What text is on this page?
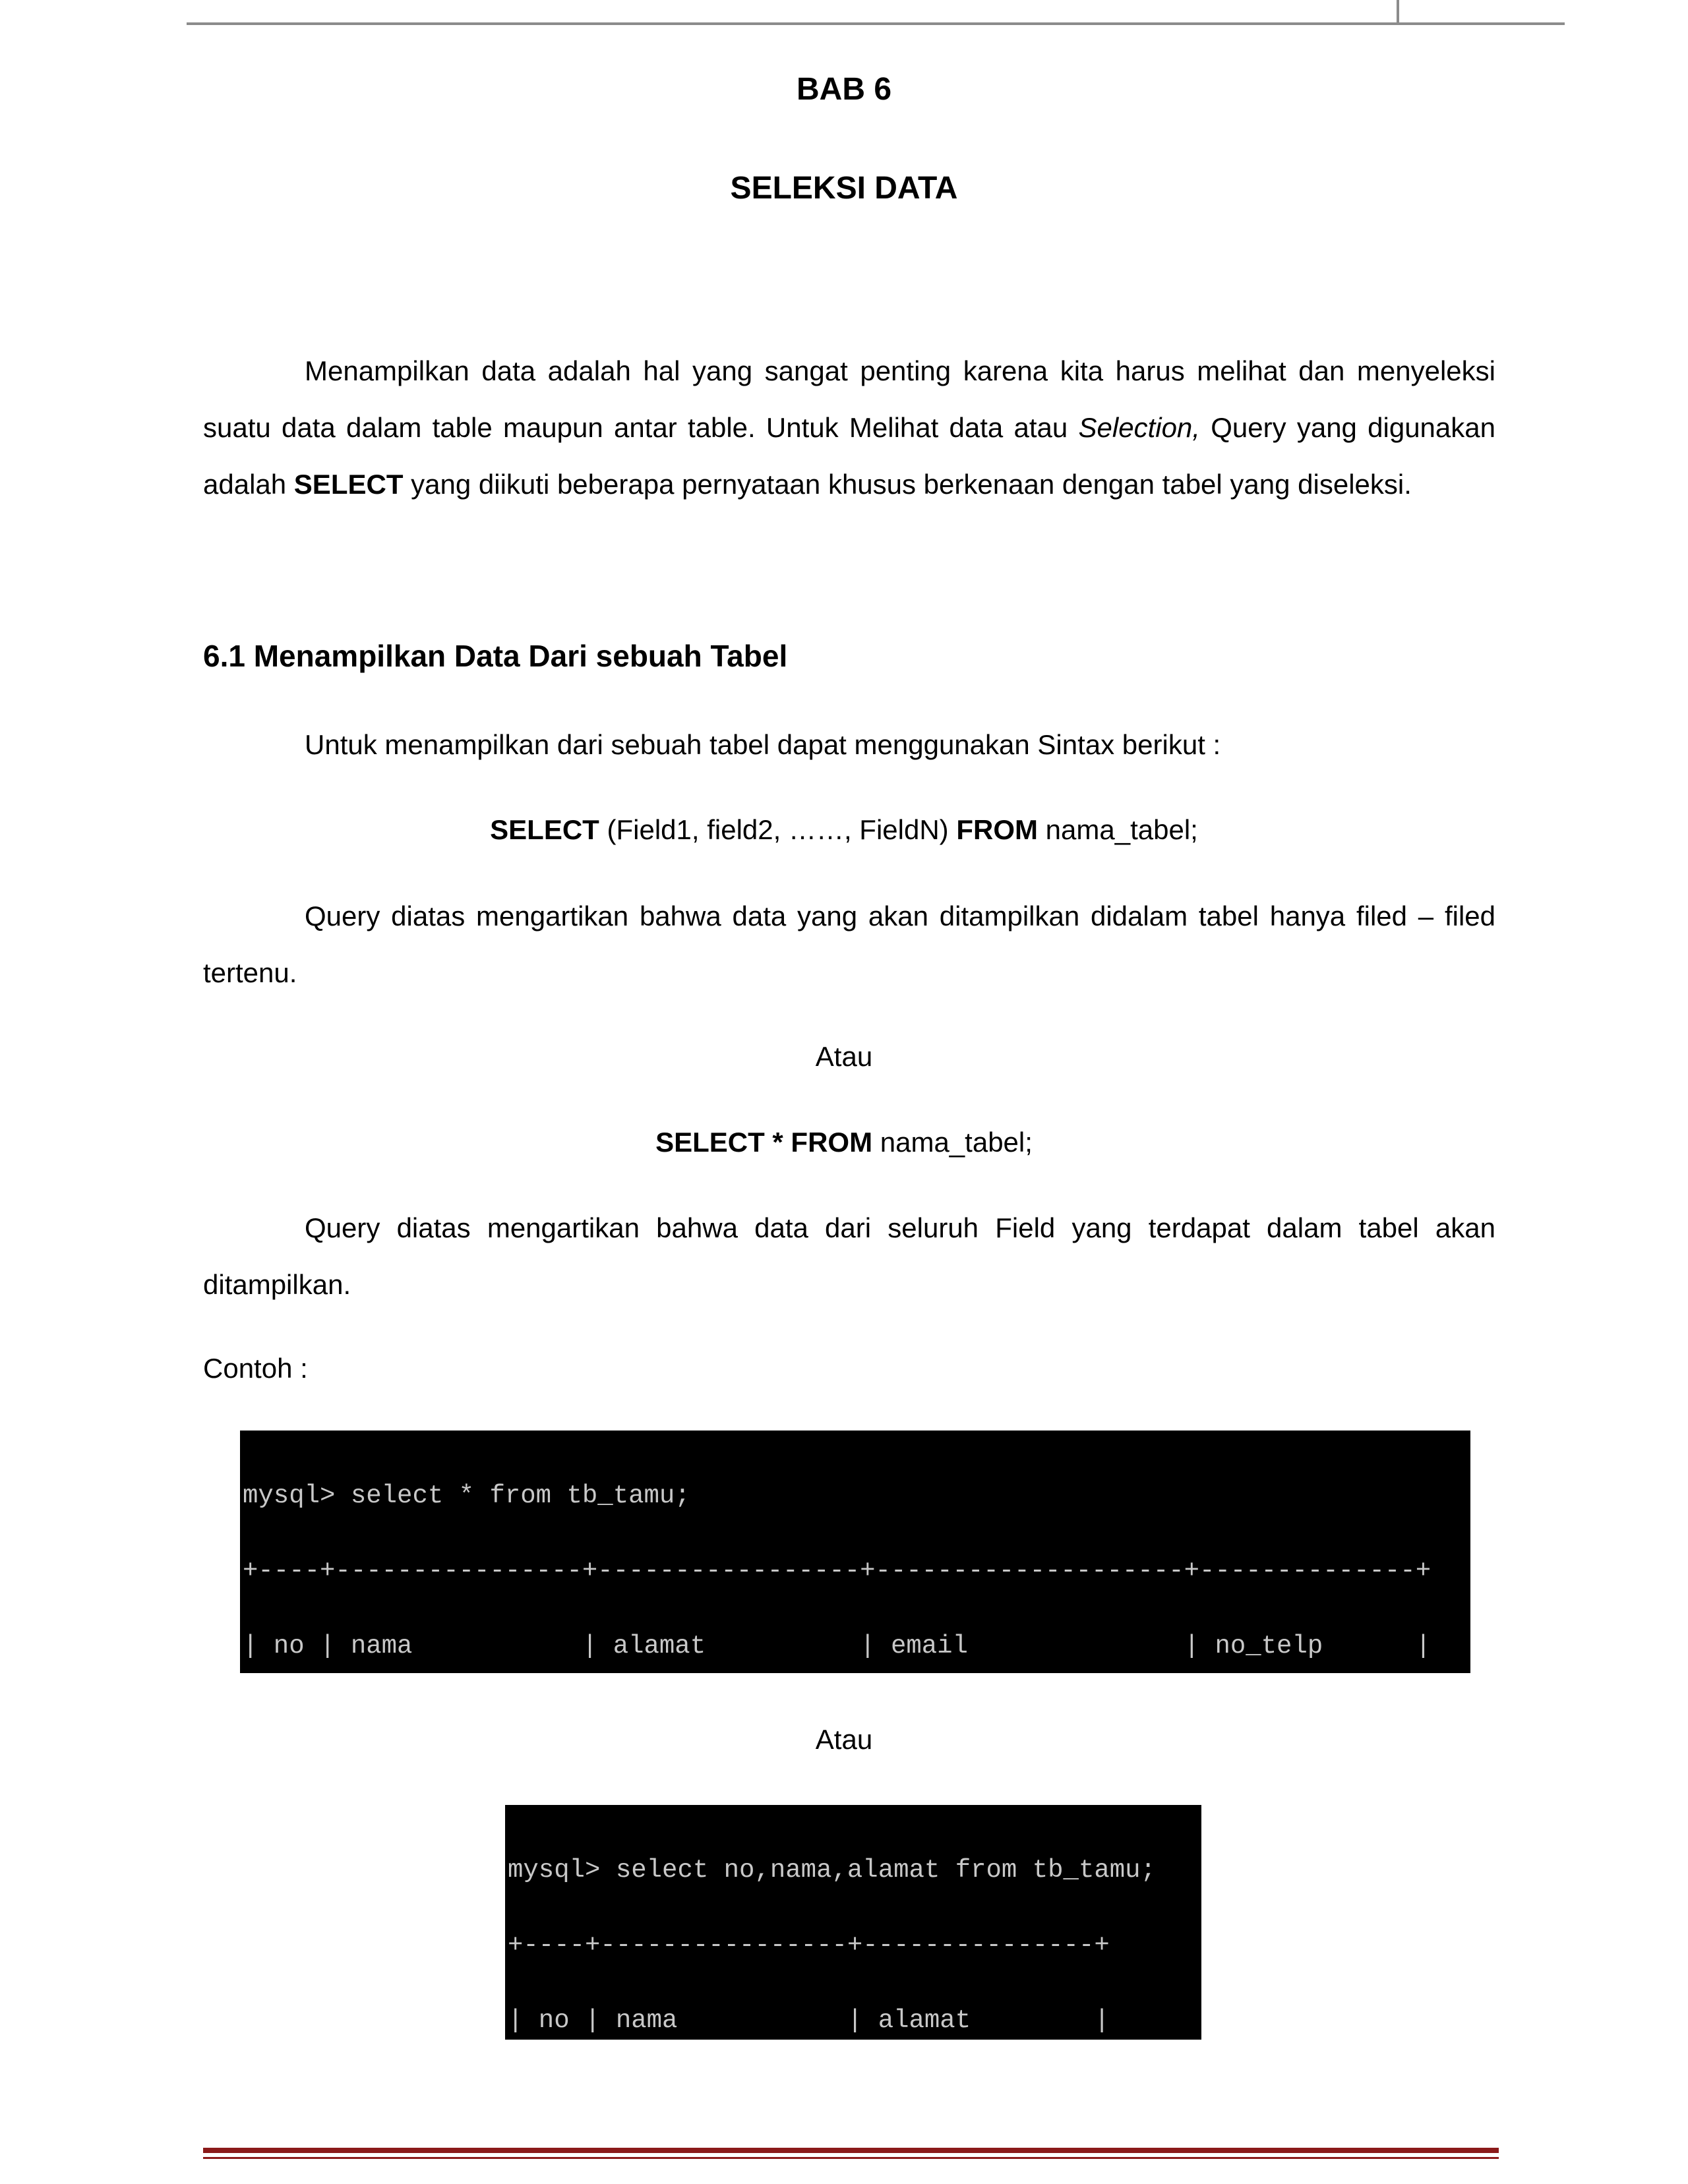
BAB 6
SELEKSI DATA

Menampilkan data adalah hal yang sangat penting karena kita harus melihat dan menyeleksi suatu data dalam table maupun antar table. Untuk Melihat data atau Selection, Query yang digunakan adalah SELECT yang diikuti beberapa pernyataan khusus berkenaan dengan tabel yang diseleksi.

6.1 Menampilkan Data Dari sebuah Tabel
Untuk menampilkan dari sebuah tabel dapat menggunakan Sintax berikut :
SELECT (Field1, field2, ……, FieldN) FROM nama_tabel;

Query diatas mengartikan bahwa data yang akan ditampilkan didalam tabel hanya filed – filed tertenu.

Atau
SELECT * FROM nama_tabel;

Query diatas mengartikan bahwa data dari seluruh Field yang terdapat dalam tabel akan ditampilkan.

Contoh :

mysql> select * from tb_tamu;

+----+----------------+-----------------+--------------------+--------------+

| no | nama           | alamat          | email              | no_telp      |

Atau

mysql> select no,nama,alamat from tb_tamu;

+----+----------------+---------------+

| no | nama           | alamat        |
